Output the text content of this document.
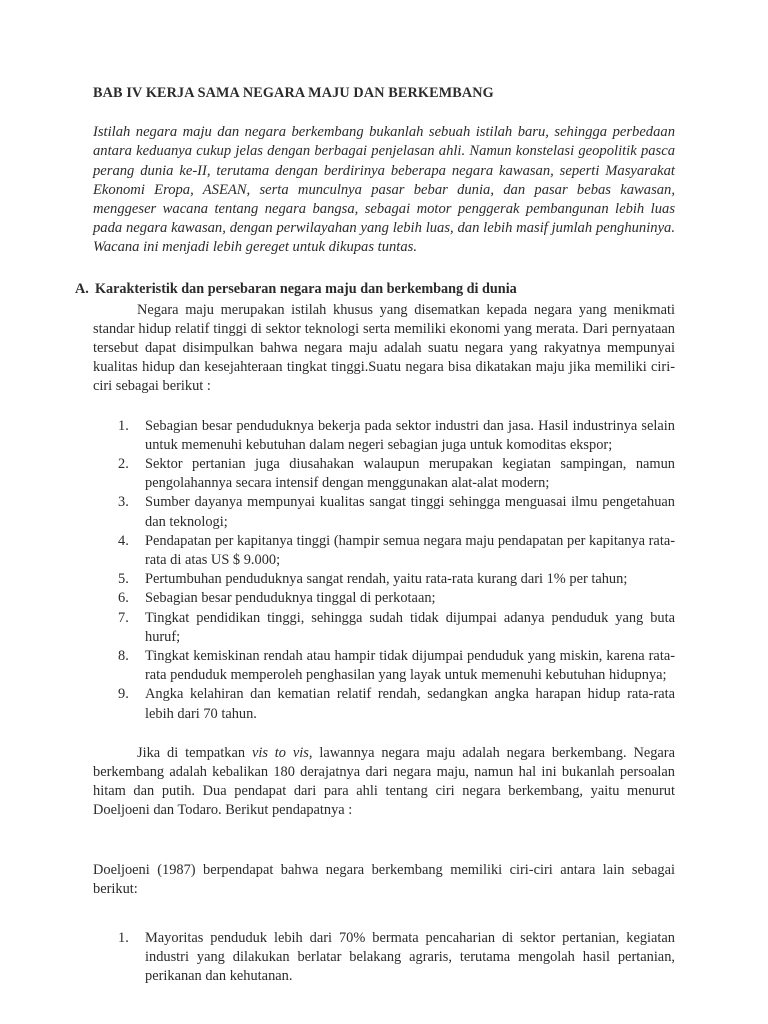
BAB IV KERJA SAMA NEGARA MAJU DAN BERKEMBANG

Istilah negara maju dan negara berkembang bukanlah sebuah istilah baru, sehingga perbedaan antara keduanya cukup jelas dengan berbagai penjelasan ahli. Namun konstelasi geopolitik pasca perang dunia ke-II, terutama dengan berdirinya beberapa negara kawasan, seperti Masyarakat Ekonomi Eropa, ASEAN, serta munculnya pasar bebar dunia, dan pasar bebas kawasan, menggeser wacana tentang negara bangsa, sebagai motor penggerak pembangunan lebih luas pada negara kawasan, dengan perwilayahan yang lebih luas, dan lebih masif jumlah penghuninya. Wacana ini menjadi lebih gereget untuk dikupas tuntas.

A. Karakteristik dan persebaran negara maju dan berkembang di dunia

Negara maju merupakan istilah khusus yang disematkan kepada negara yang menikmati standar hidup relatif tinggi di sektor teknologi serta memiliki ekonomi yang merata. Dari pernyataan tersebut dapat disimpulkan bahwa negara maju adalah suatu negara yang rakyatnya mempunyai kualitas hidup dan kesejahteraan tingkat tinggi.Suatu negara bisa dikatakan maju jika memiliki ciri-ciri sebagai berikut :

1.	Sebagian besar penduduknya bekerja pada sektor industri dan jasa. Hasil industrinya selain untuk memenuhi kebutuhan dalam negeri sebagian juga untuk komoditas ekspor;
2.	Sektor pertanian juga diusahakan walaupun merupakan kegiatan sampingan, namun pengolahannya secara intensif dengan menggunakan alat-alat modern;
3.	Sumber dayanya mempunyai kualitas sangat tinggi sehingga menguasai ilmu pengetahuan dan teknologi;
4.	Pendapatan per kapitanya tinggi (hampir semua negara maju pendapatan per kapitanya rata-rata di atas US $ 9.000;
5.	Pertumbuhan penduduknya sangat rendah, yaitu rata-rata kurang dari 1% per tahun;
6.	Sebagian besar penduduknya tinggal di perkotaan;
7.	Tingkat pendidikan tinggi, sehingga sudah tidak dijumpai adanya penduduk yang buta huruf;
8.	Tingkat kemiskinan rendah atau hampir tidak dijumpai penduduk yang miskin, karena rata-rata penduduk memperoleh penghasilan yang layak untuk memenuhi kebutuhan hidupnya;
9.	Angka kelahiran dan kematian relatif rendah, sedangkan angka harapan hidup rata-rata lebih dari 70 tahun.

Jika di tempatkan vis to vis, lawannya negara maju adalah negara berkembang. Negara berkembang adalah kebalikan 180 derajatnya dari negara maju, namun hal ini bukanlah persoalan hitam dan putih. Dua pendapat dari para ahli tentang ciri negara berkembang, yaitu menurut Doeljoeni dan Todaro. Berikut pendapatnya :

Doeljoeni (1987) berpendapat bahwa negara berkembang memiliki ciri-ciri antara lain sebagai berikut:

1.	Mayoritas penduduk lebih dari 70% bermata pencaharian di sektor pertanian, kegiatan industri yang dilakukan berlatar belakang agraris, terutama mengolah hasil pertanian, perikanan dan kehutanan.
